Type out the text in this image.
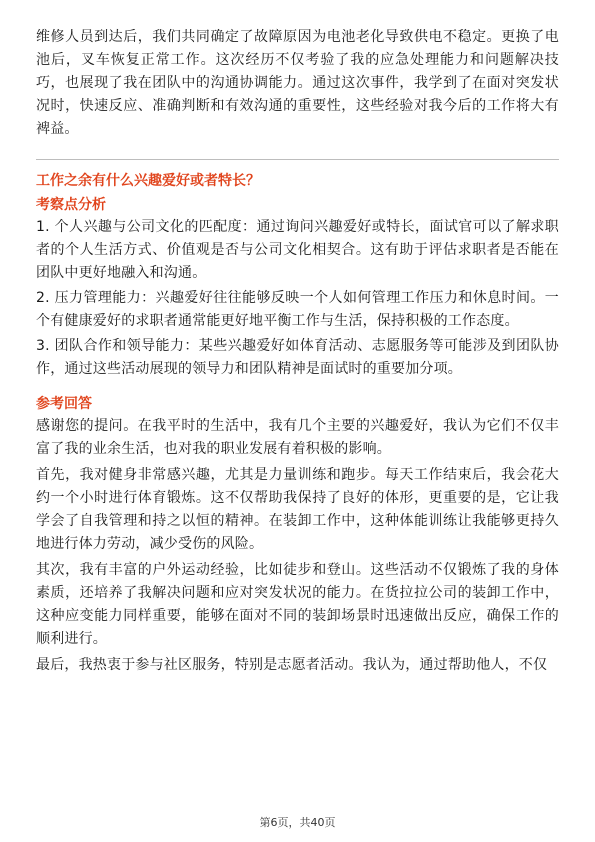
维修人员到达后，我们共同确定了故障原因为电池老化导致供电不稳定。更换了电池后，叉车恢复正常工作。这次经历不仅考验了我的应急处理能力和问题解决技巧，也展现了我在团队中的沟通协调能力。通过这次事件，我学到了在面对突发状况时，快速反应、准确判断和有效沟通的重要性，这些经验对我今后的工作将大有裨益。

工作之余有什么兴趣爱好或者特长？

考察点分析

1. 个人兴趣与公司文化的匹配度：通过询问兴趣爱好或特长，面试官可以了解求职者的个人生活方式、价值观是否与公司文化相契合。这有助于评估求职者是否能在团队中更好地融入和沟通。

2. 压力管理能力：兴趣爱好往往能够反映一个人如何管理工作压力和休息时间。一个有健康爱好的求职者通常能更好地平衡工作与生活，保持积极的工作态度。

3. 团队合作和领导能力：某些兴趣爱好如体育活动、志愿服务等可能涉及到团队协作，通过这些活动展现的领导力和团队精神是面试时的重要加分项。

参考回答

感谢您的提问。在我平时的生活中，我有几个主要的兴趣爱好，我认为它们不仅丰富了我的业余生活，也对我的职业发展有着积极的影响。

首先，我对健身非常感兴趣，尤其是力量训练和跑步。每天工作结束后，我会花大约一个小时进行体育锻炼。这不仅帮助我保持了良好的体形，更重要的是，它让我学会了自我管理和持之以恒的精神。在装卸工作中，这种体能训练让我能够更持久地进行体力劳动，减少受伤的风险。

其次，我有丰富的户外运动经验，比如徒步和登山。这些活动不仅锻炼了我的身体素质，还培养了我解决问题和应对突发状况的能力。在货拉拉公司的装卸工作中，这种应变能力同样重要，能够在面对不同的装卸场景时迅速做出反应，确保工作的顺利进行。

最后，我热衷于参与社区服务，特别是志愿者活动。我认为，通过帮助他人，不仅

第6页，共40页
